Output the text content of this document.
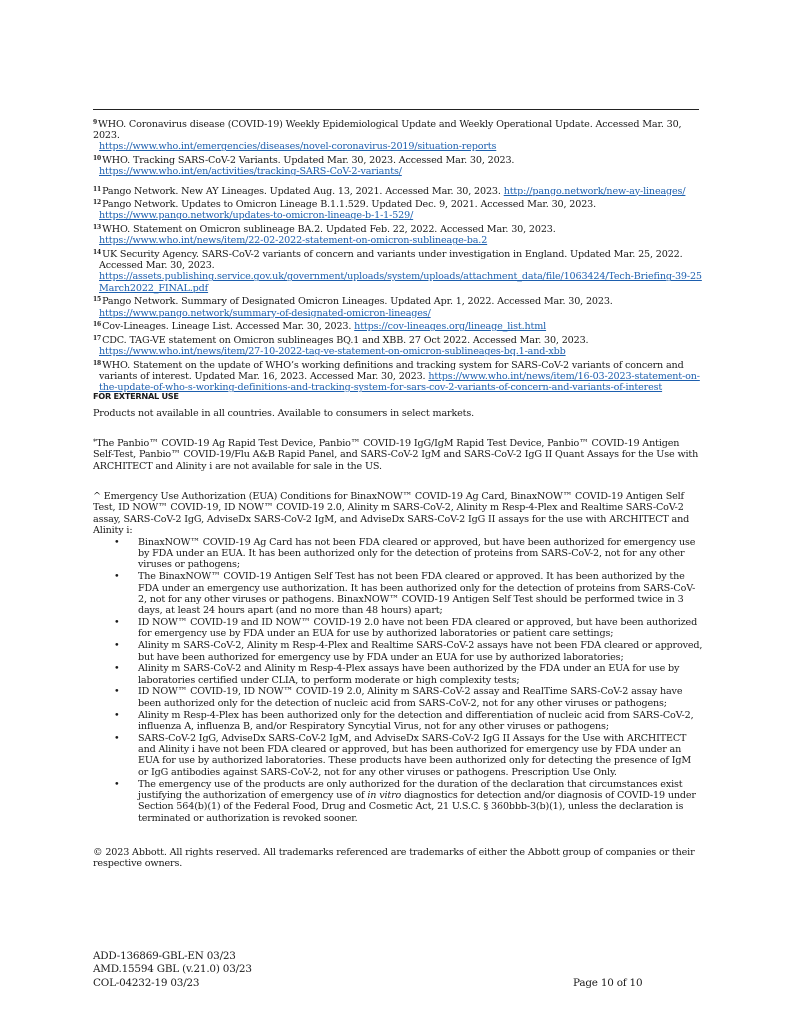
$^9$WHO. Coronavirus disease (COVID-19) Weekly Epidemiological Update and Weekly Operational Update. Accessed Mar. 30, 2023.
https://www.who.int/emergencies/diseases/novel-coronavirus-2019/situation-reports
$^{10}$WHO. Tracking SARS-CoV-2 Variants. Updated Mar. 30, 2023. Accessed Mar. 30, 2023.
https://www.who.int/en/activities/tracking-SARS-CoV-2-variants/
$^{11}$Pango Network. New AY Lineages. Updated Aug. 13, 2021. Accessed Mar. 30, 2023. http://pango.network/new-ay-lineages/
$^{12}$Pango Network. Updates to Omicron Lineage B.1.1.529. Updated Dec. 9, 2021. Accessed Mar. 30, 2023.
https://www.pango.network/updates-to-omicron-lineage-b-1-1-529/
$^{13}$WHO. Statement on Omicron sublineage BA.2. Updated Feb. 22, 2022. Accessed Mar. 30, 2023.
https://www.who.int/news/item/22-02-2022-statement-on-omicron-sublineage-ba.2
$^{14}$UK Security Agency. SARS-CoV-2 variants of concern and variants under investigation in England. Updated Mar. 25, 2022.
Accessed Mar. 30, 2023.
https://assets.publishing.service.gov.uk/government/uploads/system/uploads/attachment_data/file/1063424/Tech-Briefing-39-25March2022_FINAL.pdf
$^{15}$Pango Network. Summary of Designated Omicron Lineages. Updated Apr. 1, 2022. Accessed Mar. 30, 2023.
https://www.pango.network/summary-of-designated-omicron-lineages/
$^{16}$Cov-Lineages. Lineage List. Accessed Mar. 30, 2023. https://cov-lineages.org/lineage_list.html
$^{17}$CDC. TAG-VE statement on Omicron sublineages BQ.1 and XBB. 27 Oct 2022. Accessed Mar. 30, 2023.
https://www.who.int/news/item/27-10-2022-tag-ve-statement-on-omicron-sublineages-bq.1-and-xbb
$^{18}$WHO. Statement on the update of WHO’s working definitions and tracking system for SARS-CoV-2 variants of concern and variants of interest. Updated Mar. 16, 2023. Accessed Mar. 30, 2023. https://www.who.int/news/item/16-03-2023-statement-on-the-update-of-who-s-working-definitions-and-tracking-system-for-sars-cov-2-variants-of-concern-and-variants-of-interest
FOR EXTERNAL USE
Products not available in all countries. Available to consumers in select markets.
*The Panbio™ COVID-19 Ag Rapid Test Device, Panbio™ COVID-19 IgG/IgM Rapid Test Device, Panbio™ COVID-19 Antigen Self-Test, Panbio™ COVID-19/Flu A&B Rapid Panel, and SARS-CoV-2 IgM and SARS-CoV-2 IgG II Quant Assays for the Use with ARCHITECT and Alinity i are not available for sale in the US.
^ Emergency Use Authorization (EUA) Conditions for BinaxNOW™ COVID-19 Ag Card, BinaxNOW™ COVID-19 Antigen Self Test, ID NOW™ COVID-19, ID NOW™ COVID-19 2.0, Alinity m SARS-CoV-2, Alinity m Resp-4-Plex and Realtime SARS-CoV-2 assay, SARS-CoV-2 IgG, AdviseDx SARS-CoV-2 IgM, and AdviseDx SARS-CoV-2 IgG II assays for the use with ARCHITECT and Alinity i:
• BinaxNOW™ COVID-19 Ag Card has not been FDA cleared or approved, but have been authorized for emergency use by FDA under an EUA. It has been authorized only for the detection of proteins from SARS-CoV-2, not for any other viruses or pathogens;
• The BinaxNOW™ COVID-19 Antigen Self Test has not been FDA cleared or approved. It has been authorized by the FDA under an emergency use authorization. It has been authorized only for the detection of proteins from SARS-CoV-2, not for any other viruses or pathogens. BinaxNOW™ COVID-19 Antigen Self Test should be performed twice in 3 days, at least 24 hours apart (and no more than 48 hours) apart;
• ID NOW™ COVID-19 and ID NOW™ COVID-19 2.0 have not been FDA cleared or approved, but have been authorized for emergency use by FDA under an EUA for use by authorized laboratories or patient care settings;
• Alinity m SARS-CoV-2, Alinity m Resp-4-Plex and Realtime SARS-CoV-2 assays have not been FDA cleared or approved, but have been authorized for emergency use by FDA under an EUA for use by authorized laboratories;
• Alinity m SARS-CoV-2 and Alinity m Resp-4-Plex assays have been authorized by the FDA under an EUA for use by laboratories certified under CLIA, to perform moderate or high complexity tests;
• ID NOW™ COVID-19, ID NOW™ COVID-19 2.0, Alinity m SARS-CoV-2 assay and RealTime SARS-CoV-2 assay have been authorized only for the detection of nucleic acid from SARS-CoV-2, not for any other viruses or pathogens;
• Alinity m Resp-4-Plex has been authorized only for the detection and differentiation of nucleic acid from SARS-CoV-2, influenza A, influenza B, and/or Respiratory Syncytial Virus, not for any other viruses or pathogens;
• SARS-CoV-2 IgG, AdviseDx SARS-CoV-2 IgM, and AdviseDx SARS-CoV-2 IgG II Assays for the Use with ARCHITECT and Alinity i have not been FDA cleared or approved, but has been authorized for emergency use by FDA under an EUA for use by authorized laboratories. These products have been authorized only for detecting the presence of IgM or IgG antibodies against SARS-CoV-2, not for any other viruses or pathogens. Prescription Use Only.
• The emergency use of the products are only authorized for the duration of the declaration that circumstances exist justifying the authorization of emergency use of in vitro diagnostics for detection and/or diagnosis of COVID-19 under Section 564(b)(1) of the Federal Food, Drug and Cosmetic Act, 21 U.S.C. § 360bbb-3(b)(1), unless the declaration is terminated or authorization is revoked sooner.
© 2023 Abbott. All rights reserved. All trademarks referenced are trademarks of either the Abbott group of companies or their respective owners.
ADD-136869-GBL-EN 03/23
AMD.15594 GBL (v.21.0) 03/23
COL-04232-19 03/23	Page 10 of 10
